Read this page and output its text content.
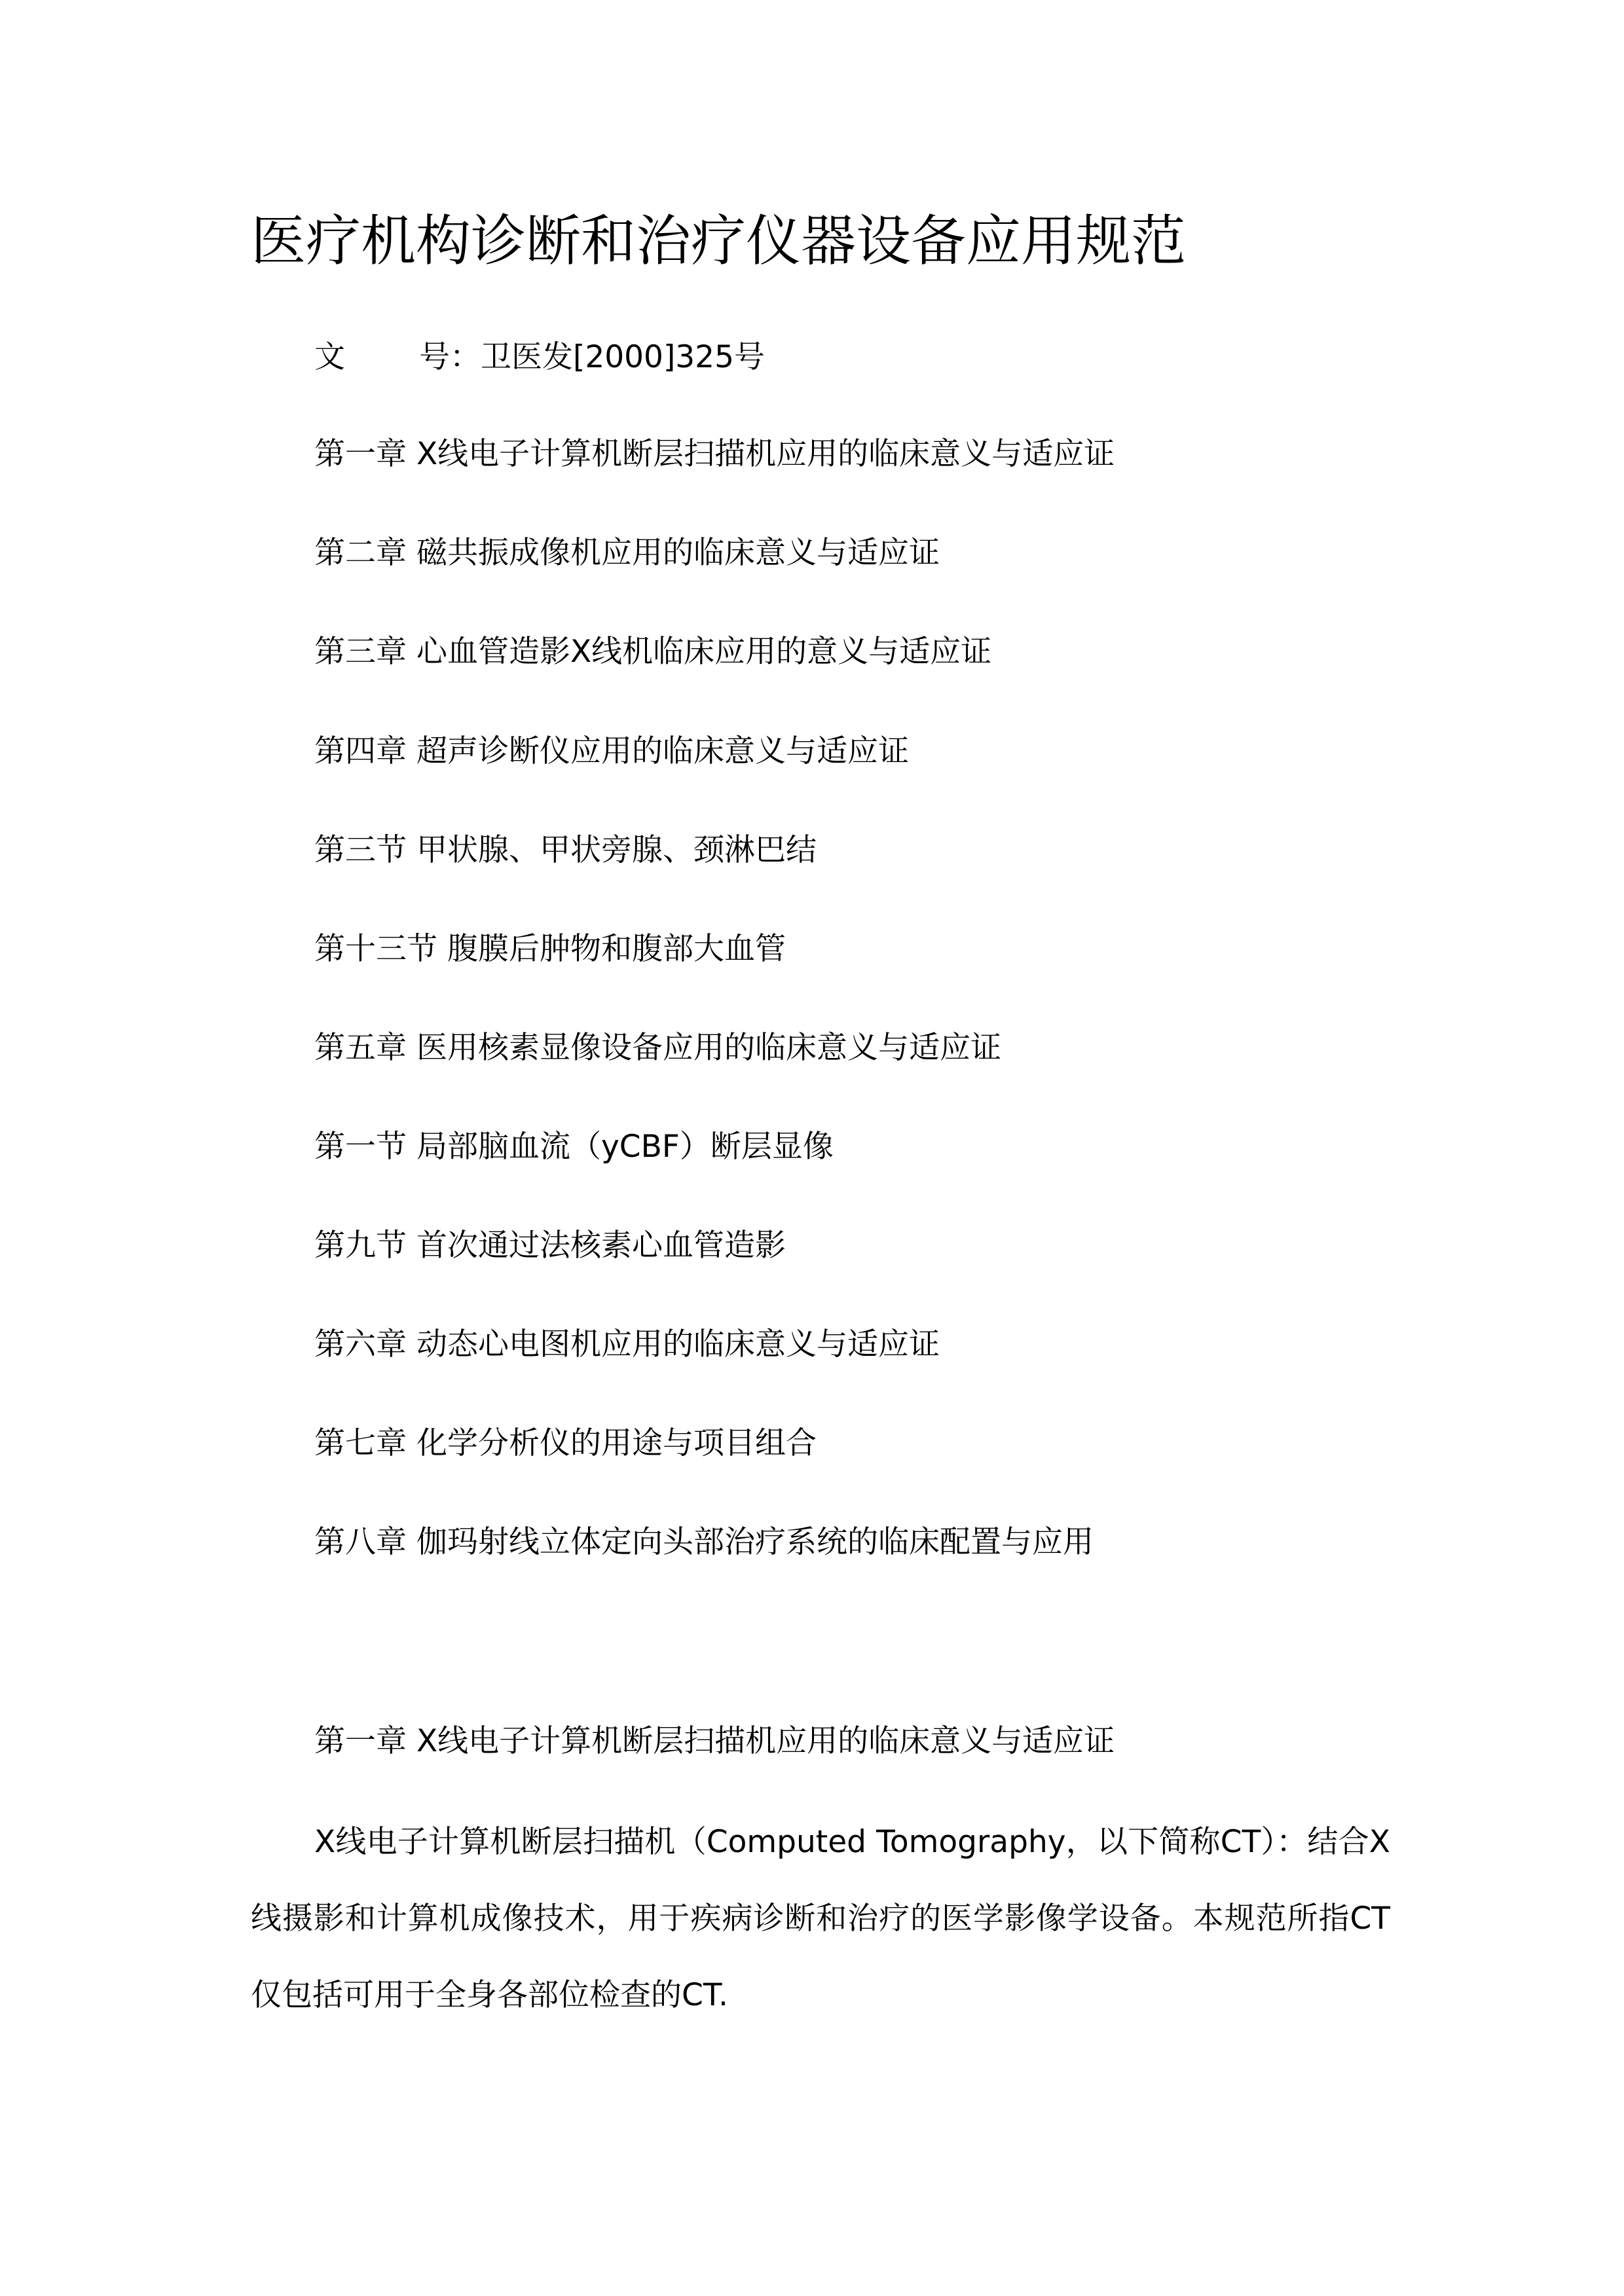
医疗机构诊断和治疗仪器设备应用规范
文 号：卫医发[2000]325号
第一章 X线电子计算机断层扫描机应用的临床意义与适应证
第二章 磁共振成像机应用的临床意义与适应证
第三章 心血管造影X线机临床应用的意义与适应证
第四章 超声诊断仪应用的临床意义与适应证
第三节 甲状腺、甲状旁腺、颈淋巴结
第十三节 腹膜后肿物和腹部大血管
第五章 医用核素显像设备应用的临床意义与适应证
第一节 局部脑血流（yCBF）断层显像
第九节 首次通过法核素心血管造影
第六章 动态心电图机应用的临床意义与适应证
第七章 化学分析仪的用途与项目组合
第八章 伽玛射线立体定向头部治疗系统的临床配置与应用
第一章 X线电子计算机断层扫描机应用的临床意义与适应证
X线电子计算机断层扫描机（Computed Tomography，以下简称CT）：结合X线摄影和计算机成像技术，用于疾病诊断和治疗的医学影像学设备。本规范所指CT仅包括可用于全身各部位检查的CT.
